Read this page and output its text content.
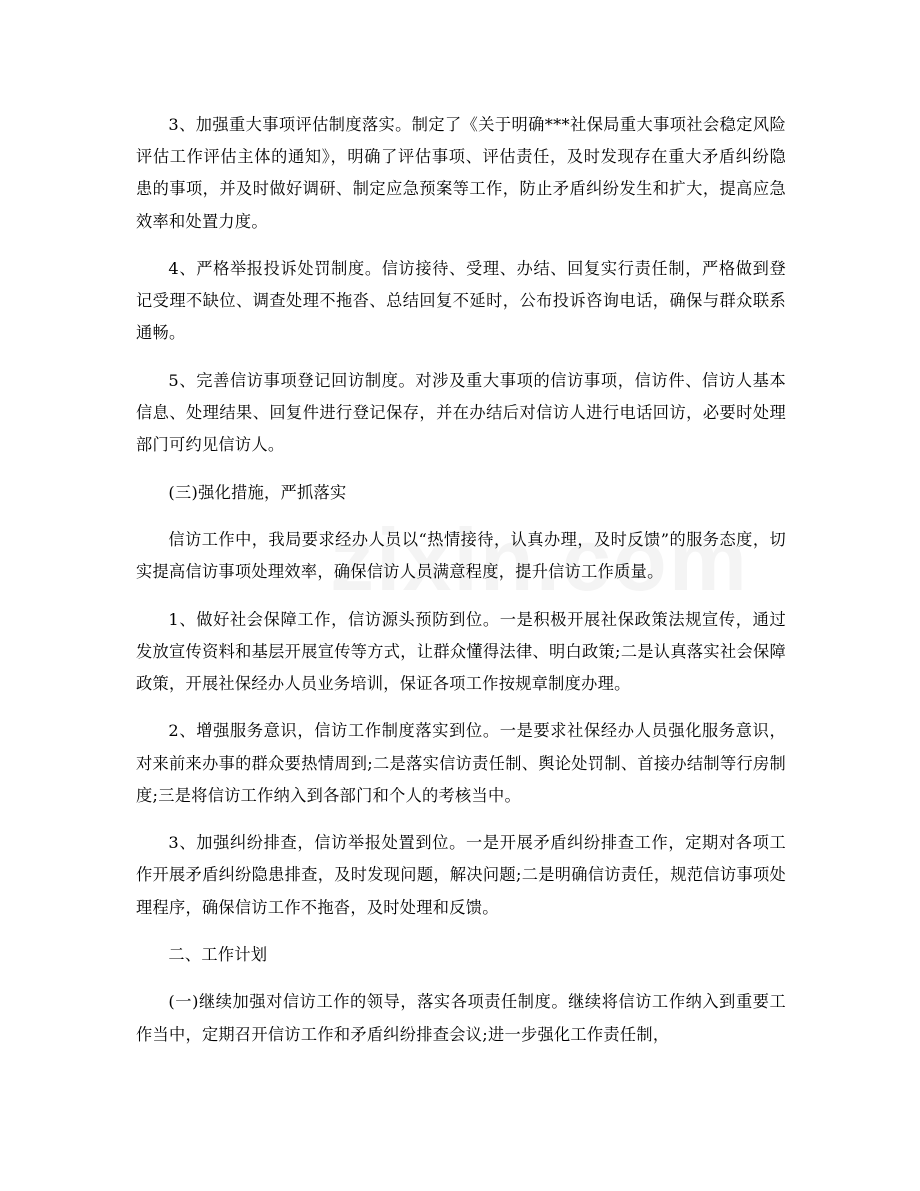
3、加强重大事项评估制度落实。制定了《关于明确***社保局重大事项社会稳定风险评估工作评估主体的通知》，明确了评估事项、评估责任，及时发现存在重大矛盾纠纷隐患的事项，并及时做好调研、制定应急预案等工作，防止矛盾纠纷发生和扩大，提高应急效率和处置力度。

4、严格举报投诉处罚制度。信访接待、受理、办结、回复实行责任制，严格做到登记受理不缺位、调查处理不拖沓、总结回复不延时，公布投诉咨询电话，确保与群众联系通畅。

5、完善信访事项登记回访制度。对涉及重大事项的信访事项，信访件、信访人基本信息、处理结果、回复件进行登记保存，并在办结后对信访人进行电话回访，必要时处理部门可约见信访人。

(三)强化措施，严抓落实

信访工作中，我局要求经办人员以“热情接待，认真办理，及时反馈”的服务态度，切实提高信访事项处理效率，确保信访人员满意程度，提升信访工作质量。

1、做好社会保障工作，信访源头预防到位。一是积极开展社保政策法规宣传，通过发放宣传资料和基层开展宣传等方式，让群众懂得法律、明白政策;二是认真落实社会保障政策，开展社保经办人员业务培训，保证各项工作按规章制度办理。

2、增强服务意识，信访工作制度落实到位。一是要求社保经办人员强化服务意识，对来前来办事的群众要热情周到;二是落实信访责任制、舆论处罚制、首接办结制等行房制度;三是将信访工作纳入到各部门和个人的考核当中。

3、加强纠纷排查，信访举报处置到位。一是开展矛盾纠纷排查工作，定期对各项工作开展矛盾纠纷隐患排查，及时发现问题，解决问题;二是明确信访责任，规范信访事项处理程序，确保信访工作不拖沓，及时处理和反馈。

二、工作计划

(一)继续加强对信访工作的领导，落实各项责任制度。继续将信访工作纳入到重要工作当中，定期召开信访工作和矛盾纠纷排查会议;进一步强化工作责任制，
